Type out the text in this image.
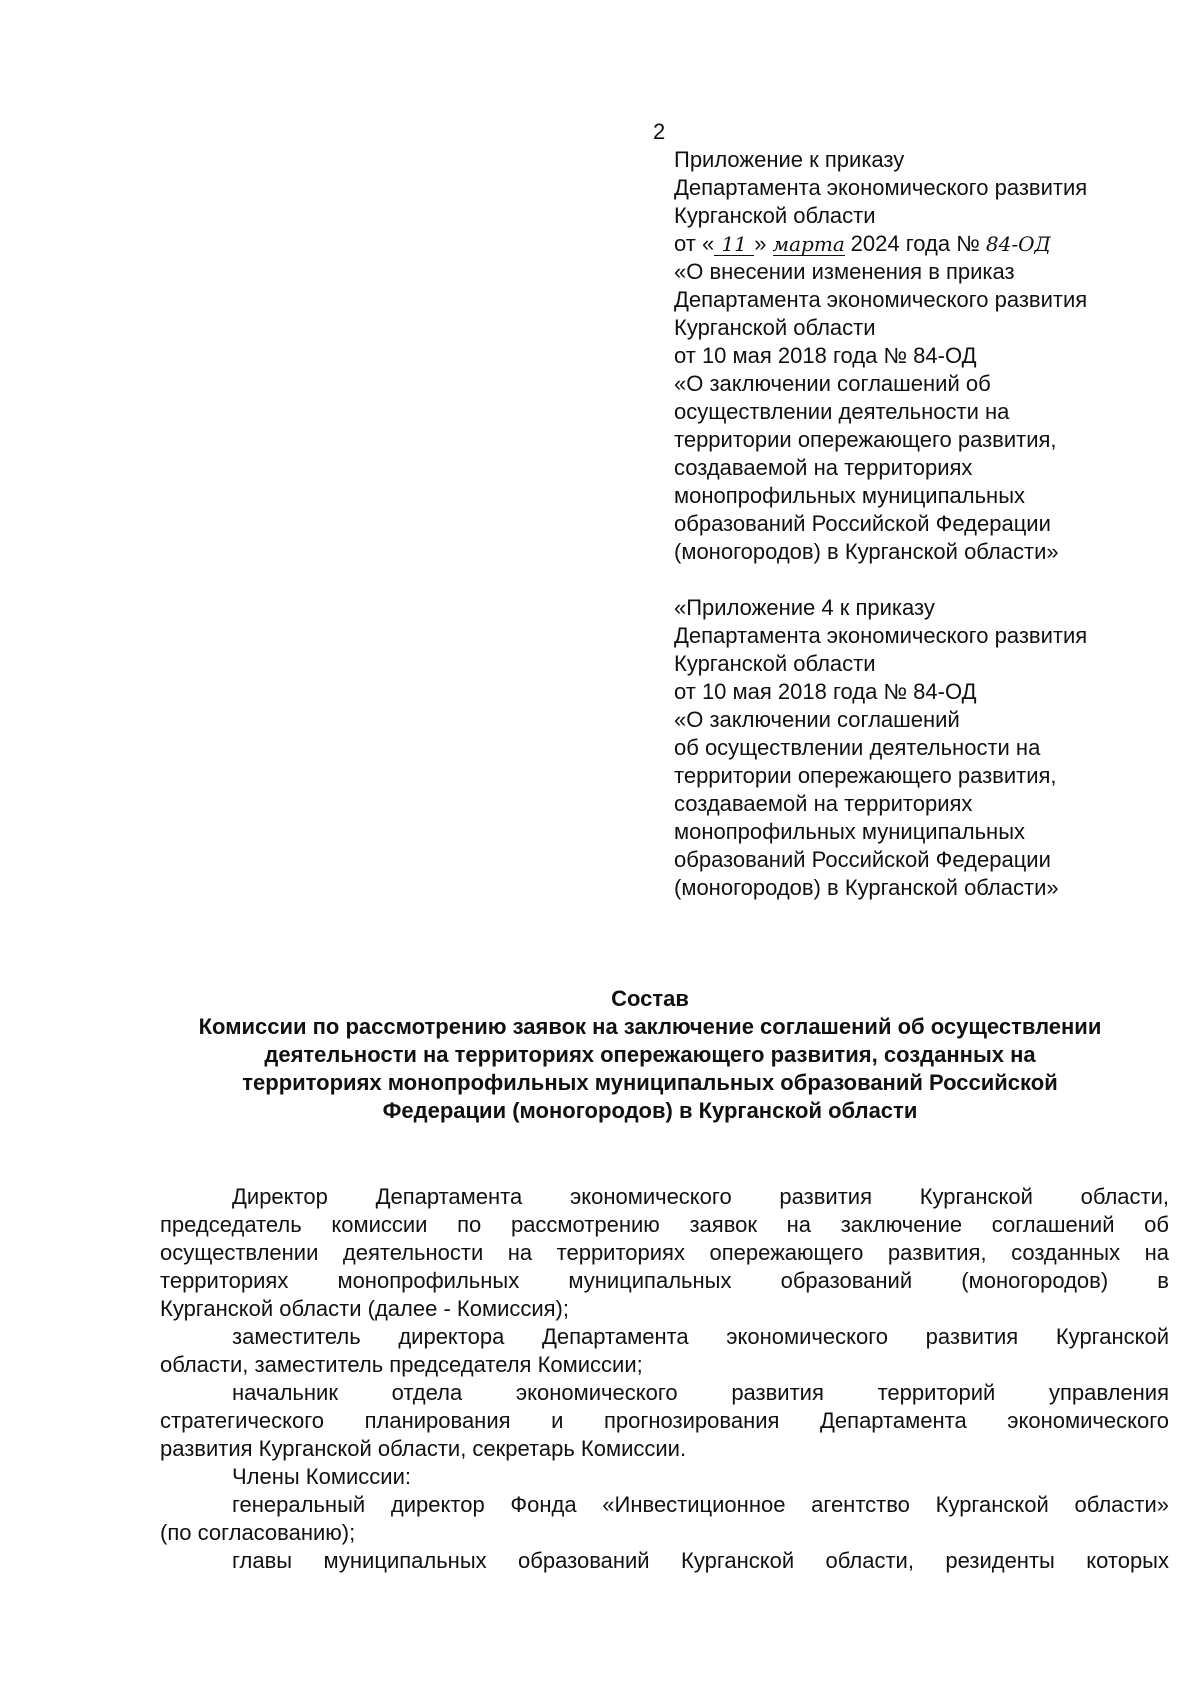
2
Приложение к приказу
Департамента экономического развития
Курганской области
от « 11 » марта 2024 года № 84-ОД
«О внесении изменения в приказ
Департамента экономического развития
Курганской области
от 10 мая 2018 года № 84-ОД
«О заключении соглашений об
осуществлении деятельности на
территории опережающего развития,
создаваемой на территориях
монопрофильных муниципальных
образований Российской Федерации
(моногородов) в Курганской области»
«Приложение 4 к приказу
Департамента экономического развития
Курганской области
от 10 мая 2018 года № 84-ОД
«О заключении соглашений
об осуществлении деятельности на
территории опережающего развития,
создаваемой на территориях
монопрофильных муниципальных
образований Российской Федерации
(моногородов) в Курганской области»
Состав
Комиссии по рассмотрению заявок на заключение соглашений об осуществлении
деятельности на территориях опережающего развития, созданных на
территориях монопрофильных муниципальных образований Российской
Федерации (моногородов) в Курганской области
Директор Департамента экономического развития Курганской области,
председатель комиссии по рассмотрению заявок на заключение соглашений об
осуществлении деятельности на территориях опережающего развития, созданных на
территориях монопрофильных муниципальных образований (моногородов) в
Курганской области (далее - Комиссия);
заместитель директора Департамента экономического развития Курганской
области, заместитель председателя Комиссии;
начальник отдела экономического развития территорий управления
стратегического планирования и прогнозирования Департамента экономического
развития Курганской области, секретарь Комиссии.
Члены Комиссии:
генеральный директор Фонда «Инвестиционное агентство Курганской области»
(по согласованию);
главы муниципальных образований Курганской области, резиденты которых
